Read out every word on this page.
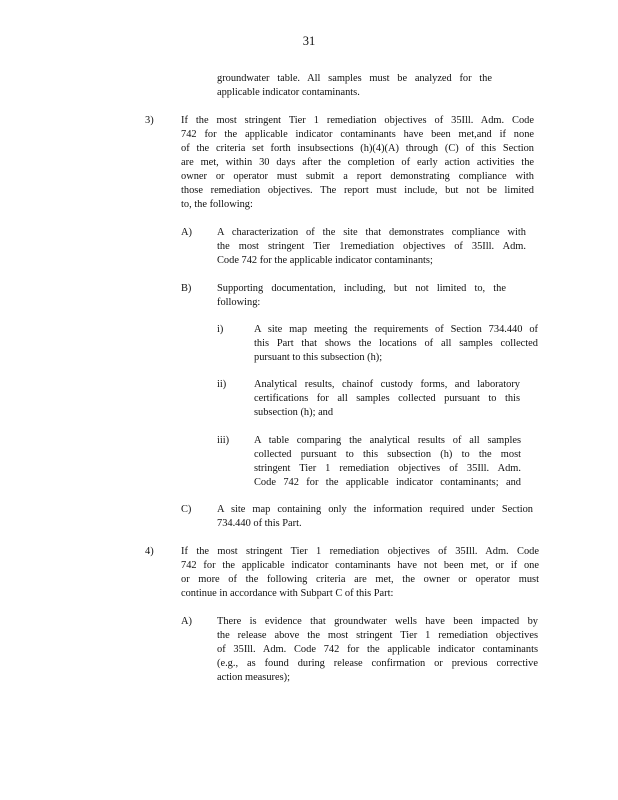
31
groundwater table. All samples must be analyzed for the
applicable indicator contaminants.
3)	If the most stringent Tier 1 remediation objectives of 35Ill. Adm. Code
742 for the applicable indicator contaminants have been met,and if none
of the criteria set forth insubsections (h)(4)(A) through (C) of this Section
are met, within 30 days after the completion of early action activities the
owner or operator must submit a report demonstrating compliance with
those remediation objectives. The report must include, but not be limited
to, the following:
A) A characterization of the site that demonstrates compliance with
the most stringent Tier 1remediation objectives of 35Ill. Adm.
Code 742 for the applicable indicator contaminants;
B) Supporting documentation, including, but not limited to, the
following:
i)	A site map meeting the requirements of Section 734.440 of
this Part that shows the locations of all samples collected
pursuant to this subsection (h);
ii)	Analytical results, chainof custody forms, and laboratory
certifications for all samples collected pursuant to this
subsection (h); and
iii) A table comparing the analytical results of all samples
collected pursuant to this subsection (h) to the most
stringent Tier 1 remediation objectives of 35Ill. Adm.
Code 742 for the applicable indicator contaminants; and
C) A site map containing only the information required under Section
734.440 of this Part.
4)	If the most stringent Tier 1 remediation objectives of 35Ill. Adm. Code
742 for the applicable indicator contaminants have not been met, or if one
or more of the following criteria are met, the owner or operator must
continue in accordance with Subpart C of this Part:
A) There is evidence that groundwater wells have been impacted by
the release above the most stringent Tier 1 remediation objectives
of 35Ill. Adm. Code 742 for the applicable indicator contaminants
(e.g., as found during release confirmation or previous corrective
action measures);
